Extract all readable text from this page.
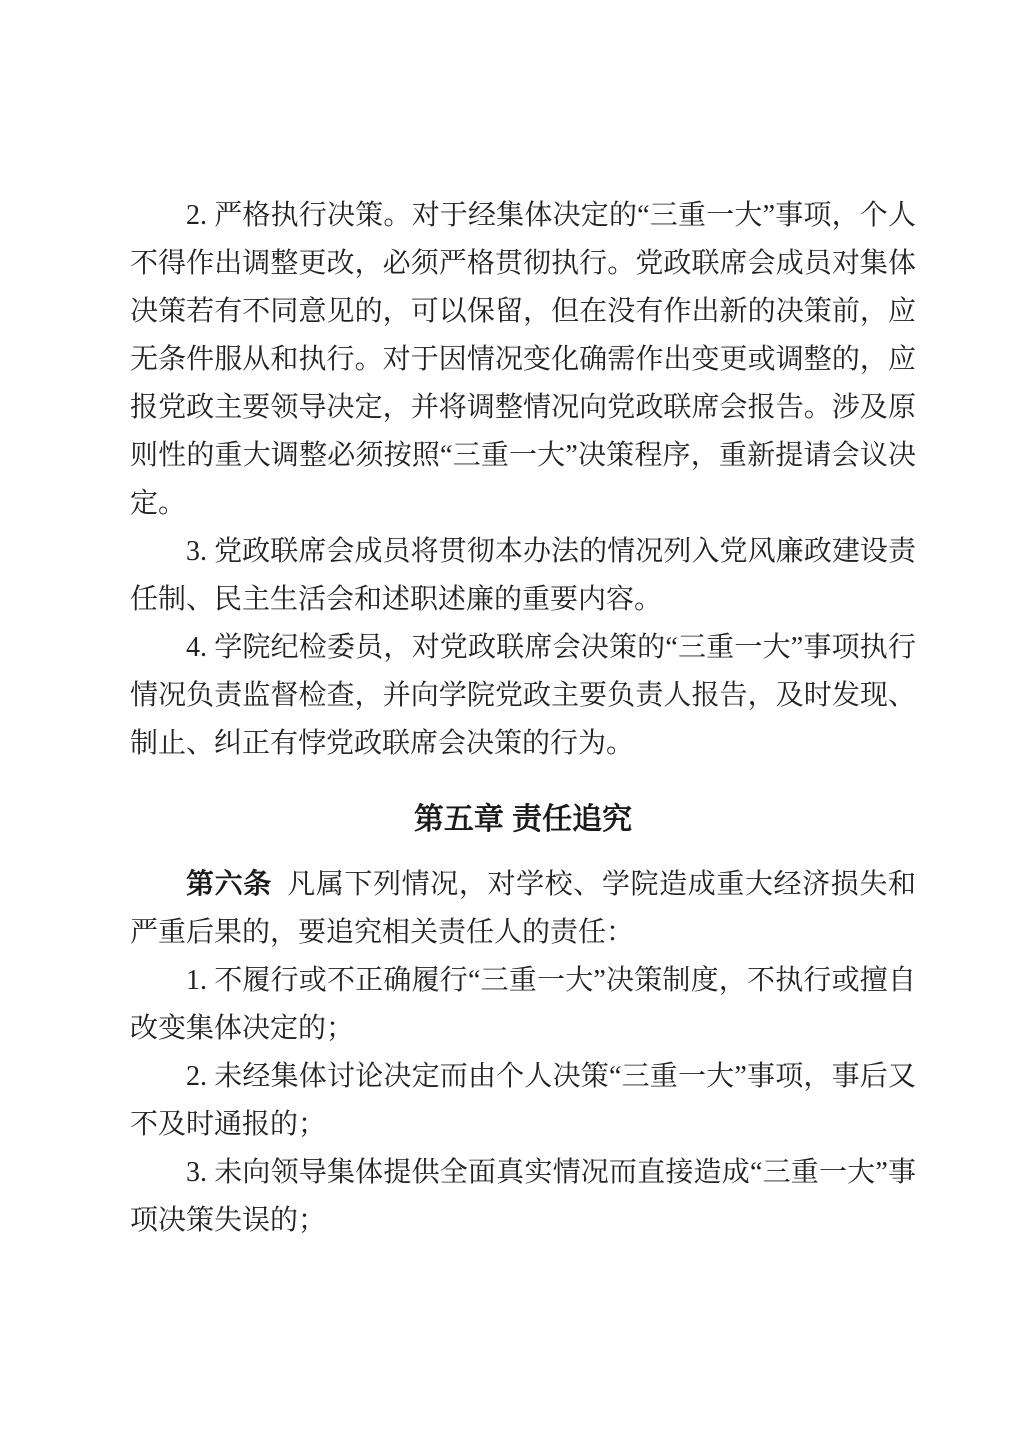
2. 严格执行决策。对于经集体决定的“三重一大”事项，个人不得作出调整更改，必须严格贯彻执行。党政联席会成员对集体决策若有不同意见的，可以保留，但在没有作出新的决策前，应无条件服从和执行。对于因情况变化确需作出变更或调整的，应报党政主要领导决定，并将调整情况向党政联席会报告。涉及原则性的重大调整必须按照“三重一大”决策程序，重新提请会议决定。

3. 党政联席会成员将贯彻本办法的情况列入党风廉政建设责任制、民主生活会和述职述廉的重要内容。

4. 学院纪检委员，对党政联席会决策的“三重一大”事项执行情况负责监督检查，并向学院党政主要负责人报告，及时发现、制止、纠正有悖党政联席会决策的行为。

第五章 责任追究

第六条 凡属下列情况，对学校、学院造成重大经济损失和严重后果的，要追究相关责任人的责任：

1. 不履行或不正确履行“三重一大”决策制度，不执行或擅自改变集体决定的；

2. 未经集体讨论决定而由个人决策“三重一大”事项，事后又不及时通报的；

3. 未向领导集体提供全面真实情况而直接造成“三重一大”事项决策失误的；
